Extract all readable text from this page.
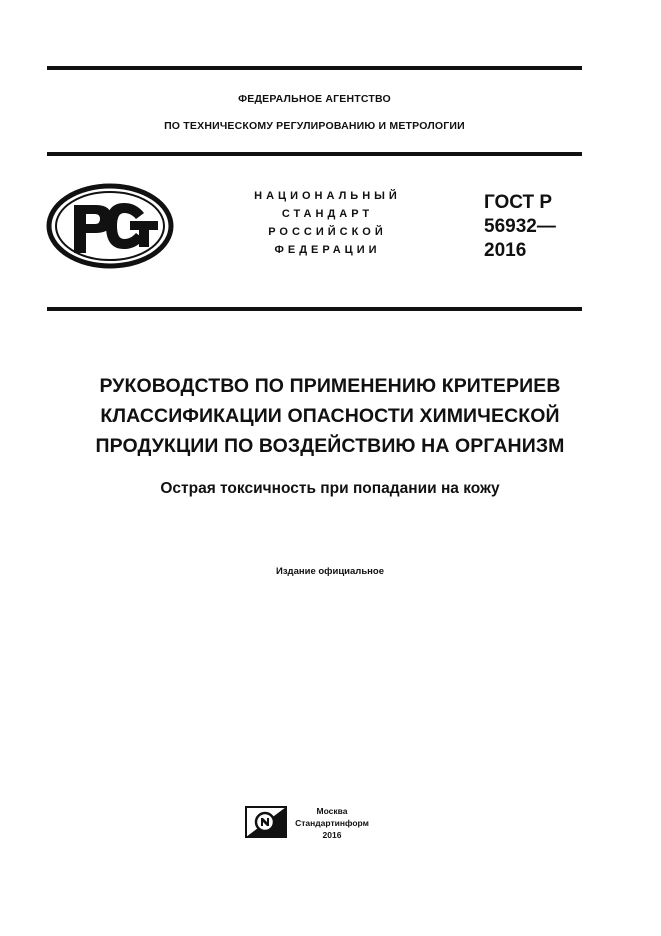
ФЕДЕРАЛЬНОЕ АГЕНТСТВО
ПО ТЕХНИЧЕСКОМУ РЕГУЛИРОВАНИЮ И МЕТРОЛОГИИ
НАЦИОНАЛЬНЫЙ
СТАНДАРТ
РОССИЙСКОЙ
ФЕДЕРАЦИИ
ГОСТ Р
56932—
2016
РУКОВОДСТВО ПО ПРИМЕНЕНИЮ КРИТЕРИЕВ
КЛАССИФИКАЦИИ ОПАСНОСТИ ХИМИЧЕСКОЙ
ПРОДУКЦИИ ПО ВОЗДЕЙСТВИЮ НА ОРГАНИЗМ
Острая токсичность при попадании на кожу
Издание официальное
Москва
Стандартинформ
2016
